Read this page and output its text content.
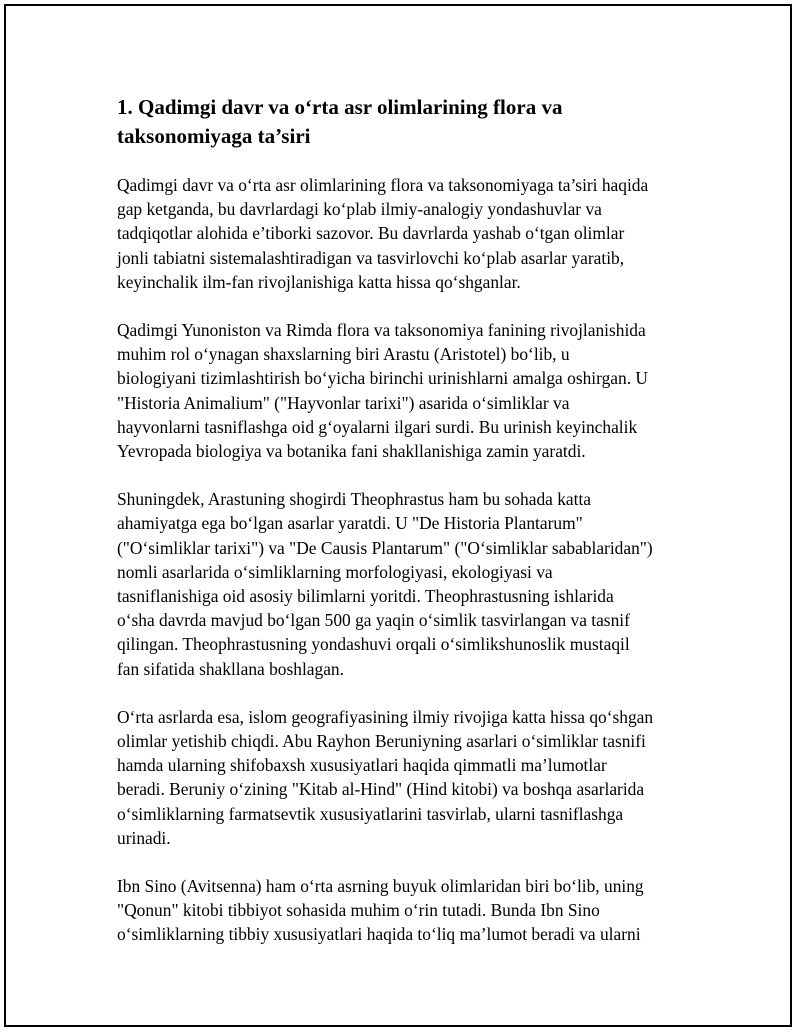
1. Qadimgi davr va o‘rta asr olimlarining flora va
taksonomiyaga ta’siri

Qadimgi davr va o‘rta asr olimlarining flora va taksonomiyaga ta’siri haqida
gap ketganda, bu davrlardagi ko‘plab ilmiy-analogiy yondashuvlar va
tadqiqotlar alohida e’tiborki sazovor. Bu davrlarda yashab o‘tgan olimlar
jonli tabiatni sistemalashtiradigan va tasvirlovchi ko‘plab asarlar yaratib,
keyinchalik ilm-fan rivojlanishiga katta hissa qo‘shganlar.

Qadimgi Yunoniston va Rimda flora va taksonomiya fanining rivojlanishida
muhim rol o‘ynagan shaxslarning biri Arastu (Aristotel) bo‘lib, u
biologiyani tizimlashtirish bo‘yicha birinchi urinishlarni amalga oshirgan. U
"Historia Animalium" ("Hayvonlar tarixi") asarida o‘simliklar va
hayvonlarni tasniflashga oid g‘oyalarni ilgari surdi. Bu urinish keyinchalik
Yevropada biologiya va botanika fani shakllanishiga zamin yaratdi.

Shuningdek, Arastuning shogirdi Theophrastus ham bu sohada katta
ahamiyatga ega bo‘lgan asarlar yaratdi. U "De Historia Plantarum"
("O‘simliklar tarixi") va "De Causis Plantarum" ("O‘simliklar sabablaridan")
nomli asarlarida o‘simliklarning morfologiyasi, ekologiyasi va
tasniflanishiga oid asosiy bilimlarni yoritdi. Theophrastusning ishlarida
o‘sha davrda mavjud bo‘lgan 500 ga yaqin o‘simlik tasvirlangan va tasnif
qilingan. Theophrastusning yondashuvi orqali o‘simlikshunoslik mustaqil
fan sifatida shakllana boshlagan.

O‘rta asrlarda esa, islom geografiyasining ilmiy rivojiga katta hissa qo‘shgan
olimlar yetishib chiqdi. Abu Rayhon Beruniyning asarlari o‘simliklar tasnifi
hamda ularning shifobaxsh xususiyatlari haqida qimmatli ma’lumotlar
beradi. Beruniy o‘zining "Kitab al-Hind" (Hind kitobi) va boshqa asarlarida
o‘simliklarning farmatsevtik xususiyatlarini tasvirlab, ularni tasniflashga
urinadi.

Ibn Sino (Avitsenna) ham o‘rta asrning buyuk olimlaridan biri bo‘lib, uning
"Qonun" kitobi tibbiyot sohasida muhim o‘rin tutadi. Bunda Ibn Sino
o‘simliklarning tibbiy xususiyatlari haqida to‘liq ma’lumot beradi va ularni
